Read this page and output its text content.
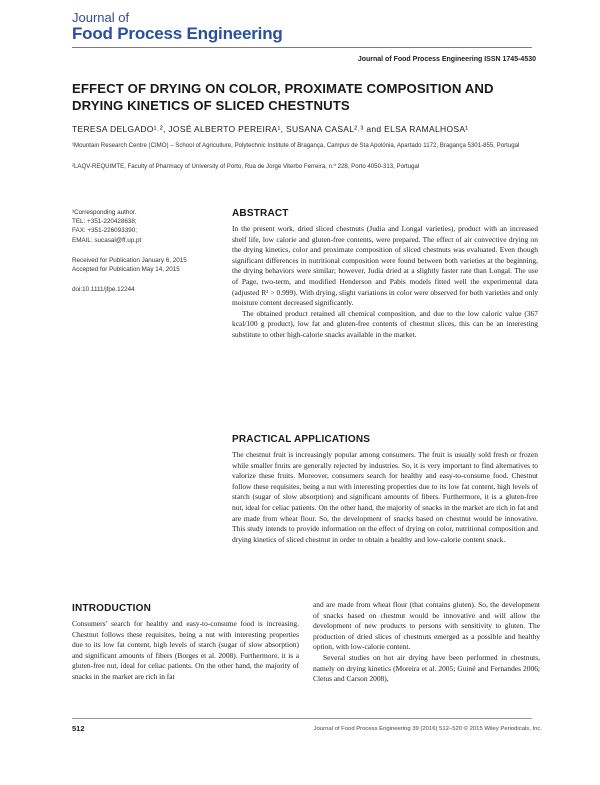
Journal of
Food Process Engineering
Journal of Food Process Engineering ISSN 1745-4530
EFFECT OF DRYING ON COLOR, PROXIMATE COMPOSITION AND DRYING KINETICS OF SLICED CHESTNUTS
TERESA DELGADO¹˒², JOSÉ ALBERTO PEREIRA¹, SUSANA CASAL²˒³ and ELSA RAMALHOSA¹
¹Mountain Research Centre (CIMO) – School of Agriculture, Polytechnic Institute of Bragança, Campus de Sta Apolónia, Apartado 1172, Bragança 5301-855, Portugal
²LAQV-REQUIMTE, Faculty of Pharmacy of University of Porto, Rua de Jorge Viterbo Ferreira, n.º 228, Porto 4050-313, Portugal
³Corresponding author.
TEL: +351-220428638;
FAX: +351-226093390;
EMAIL: sucasal@ff.up.pt
Received for Publication January 6, 2015
Accepted for Publication May 14, 2015
doi:10.1111/jfpe.12244
ABSTRACT

In the present work, dried sliced chestnuts (Judia and Longal varieties), product with an increased shelf life, low calorie and gluten-free contents, were prepared. The effect of air convective drying on the drying kinetics, color and proximate composition of sliced chestnuts was evaluated. Even though significant differences in nutritional composition were found between both varieties at the beginning, the drying behaviors were similar; however, Judia dried at a slightly faster rate than Longal. The use of Page, two-term, and modified Henderson and Pabis models fitted well the experimental data (adjusted R² > 0.999). With drying, slight variations in color were observed for both varieties and only moisture content decreased significantly.

The obtained product retained all chemical composition, and due to the low caloric value (367 kcal/100 g product), low fat and gluten-free contents of chestnut slices, this can be an interesting substitute to other high-calorie snacks available in the market.

PRACTICAL APPLICATIONS

The chestnut fruit is increasingly popular among consumers. The fruit is usually sold fresh or frozen while smaller fruits are generally rejected by industries. So, it is very important to find alternatives to valorize these fruits. Moreover, consumers search for healthy and easy-to-consume food. Chestnut follow these requisites, being a nut with interesting properties due to its low fat content, high levels of starch (sugar of slow absorption) and significant amounts of fibers. Furthermore, it is a gluten-free nut, ideal for celiac patients. On the other hand, the majority of snacks in the market are rich in fat and are made from wheat flour. So, the development of snacks based on chestnut would be innovative. This study intends to provide information on the effect of drying on color, nutritional composition and drying kinetics of sliced chestnut in order to obtain a healthy and low-calorie content snack.

INTRODUCTION

Consumers’ search for healthy and easy-to-consume food is increasing. Chestnut follows these requisites, being a nut with interesting properties due to its low fat content, high levels of starch (sugar of slow absorption) and significant amounts of fibers (Borges et al. 2008). Furthermore, it is a gluten-free nut, ideal for celiac patients. On the other hand, the majority of snacks in the market are rich in fat

and are made from wheat flour (that contains gluten). So, the development of snacks based on chestnut would be innovative and will allow the development of new products to persons with sensitivity to gluten. The production of dried slices of chestnuts emerged as a possible and healthy option, with low-calorie content.

Several studies on hot air drying have been performed in chestnuts, namely on drying kinetics (Moreira et al. 2005; Guiné and Fernandes 2006; Cletus and Carson 2008),

512	Journal of Food Process Engineering 39 (2016) 512–520 © 2015 Wiley Periodicals, Inc.
